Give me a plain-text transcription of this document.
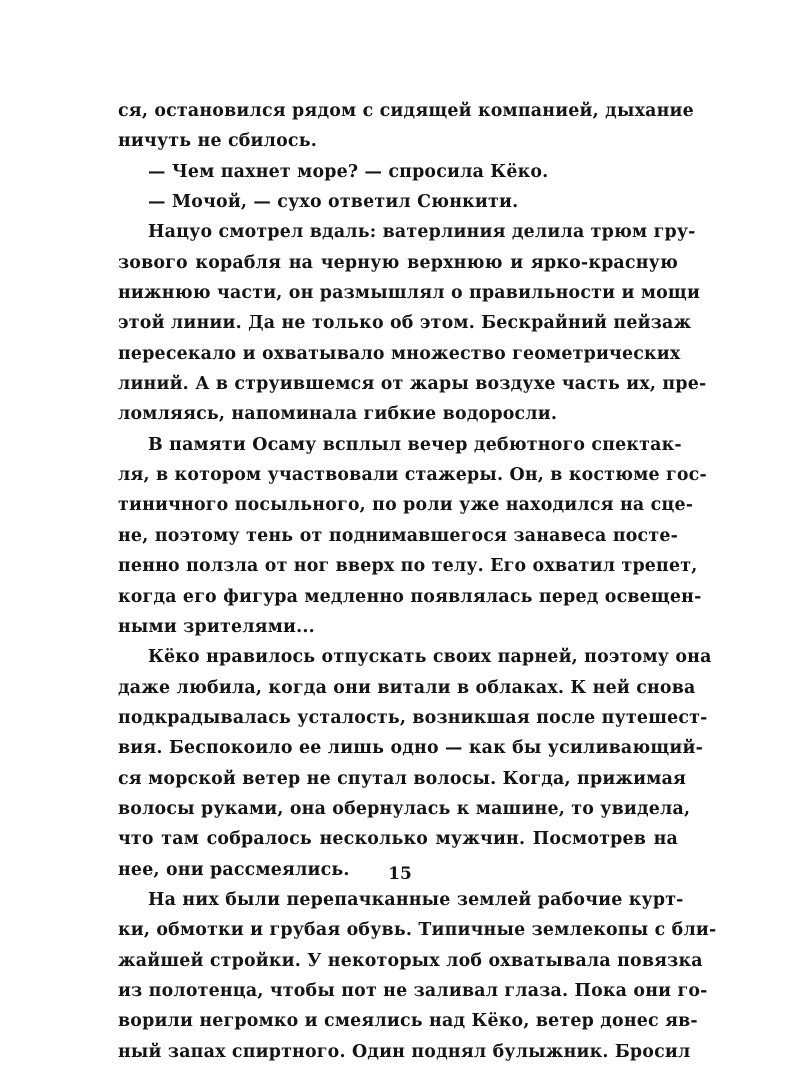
ся, остановился рядом с сидящей компанией, дыхание
ничуть не сбилось.
— Чем пахнет море? — спросила Кёко.
— Мочой, — сухо ответил Сюнкити.
Нацуо смотрел вдаль: ватерлиния делила трюм гру-
зового корабля на черную верхнюю и ярко-красную
нижнюю части, он размышлял о правильности и мощи
этой линии. Да не только об этом. Бескрайний пейзаж
пересекало и охватывало множество геометрических
линий. А в струившемся от жары воздухе часть их, пре-
ломляясь, напоминала гибкие водоросли.
В памяти Осаму всплыл вечер дебютного спектак-
ля, в котором участвовали стажеры. Он, в костюме гос-
тиничного посыльного, по роли уже находился на сце-
не, поэтому тень от поднимавшегося занавеса посте-
пенно ползла от ног вверх по телу. Его охватил трепет,
когда его фигура медленно появлялась перед освещен-
ными зрителями...
Кёко нравилось отпускать своих парней, поэтому она
даже любила, когда они витали в облаках. К ней снова
подкрадывалась усталость, возникшая после путешест-
вия. Беспокоило ее лишь одно — как бы усиливающий-
ся морской ветер не спутал волосы. Когда, прижимая
волосы руками, она обернулась к машине, то увидела,
что там собралось несколько мужчин. Посмотрев на
нее, они рассмеялись.
На них были перепачканные землей рабочие курт-
ки, обмотки и грубая обувь. Типичные землекопы с бли-
жайшей стройки. У некоторых лоб охватывала повязка
из полотенца, чтобы пот не заливал глаза. Пока они го-
ворили негромко и смеялись над Кёко, ветер донес яв-
ный запах спиртного. Один поднял булыжник. Бросил
15
